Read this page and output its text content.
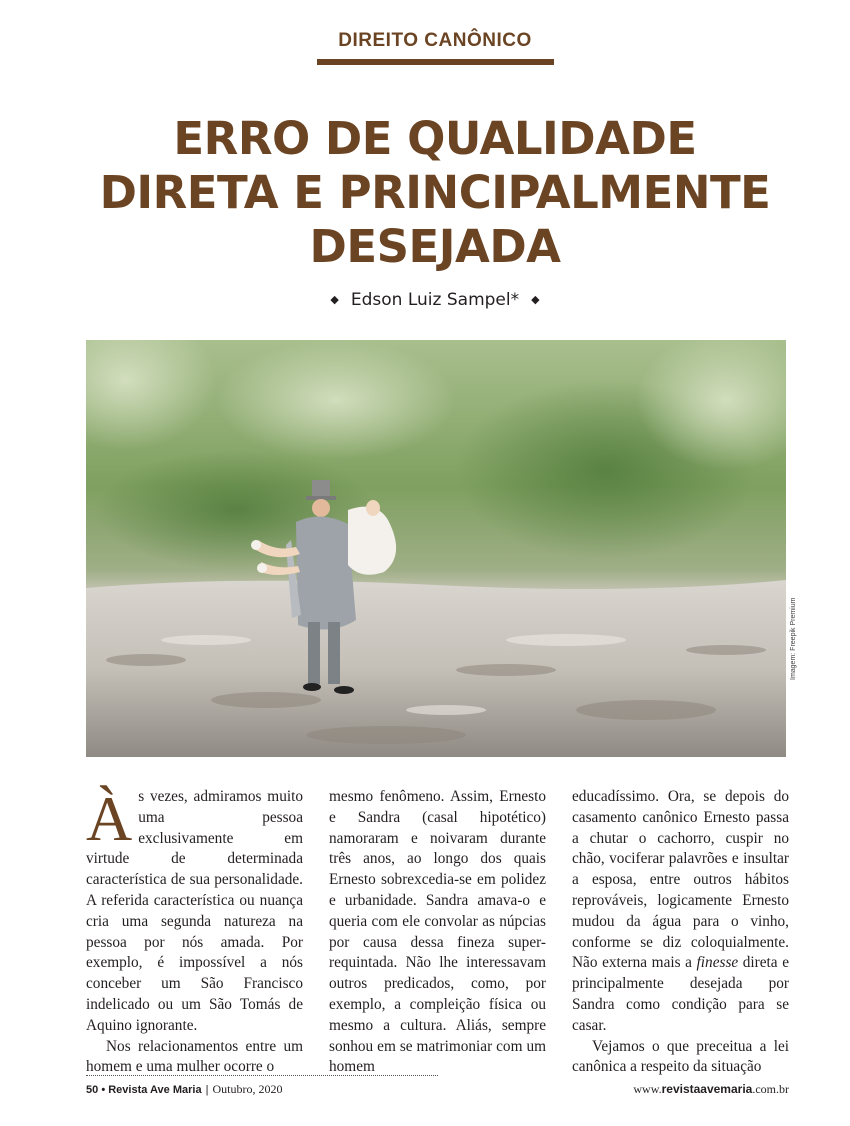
DIREITO CANÔNICO
ERRO DE QUALIDADE
DIRETA E PRINCIPALMENTE
DESEJADA
◆ Edson Luiz Sampel* ◆
Imagem: Freepik Premium

Às vezes, admiramos muito uma pessoa exclusivamente em virtude de determinada característica de sua personalidade. A referida característica ou nuança cria uma segunda natureza na pessoa por nós amada. Por exemplo, é impossível a nós conceber um São Francisco indelicado ou um São Tomás de Aquino ignorante.

Nos relacionamentos entre um homem e uma mulher ocorre o

mesmo fenômeno. Assim, Ernesto e Sandra (casal hipotético) namoraram e noivaram durante três anos, ao longo dos quais Ernesto sobrexcedia-se em polidez e urbanidade. Sandra amava-o e queria com ele convolar as núpcias por causa dessa fineza super-requintada. Não lhe interessavam outros predicados, como, por exemplo, a compleição física ou mesmo a cultura. Aliás, sempre sonhou em se matrimoniar com um homem

educadíssimo. Ora, se depois do casamento canônico Ernesto passa a chutar o cachorro, cuspir no chão, vociferar palavrões e insultar a esposa, entre outros hábitos reprováveis, logicamente Ernesto mudou da água para o vinho, conforme se diz coloquialmente. Não externa mais a finesse direta e principalmente desejada por Sandra como condição para se casar.

Vejamos o que preceitua a lei canônica a respeito da situação

50 • Revista Ave Maria | Outubro, 2020	www.revistaavemaria.com.br
